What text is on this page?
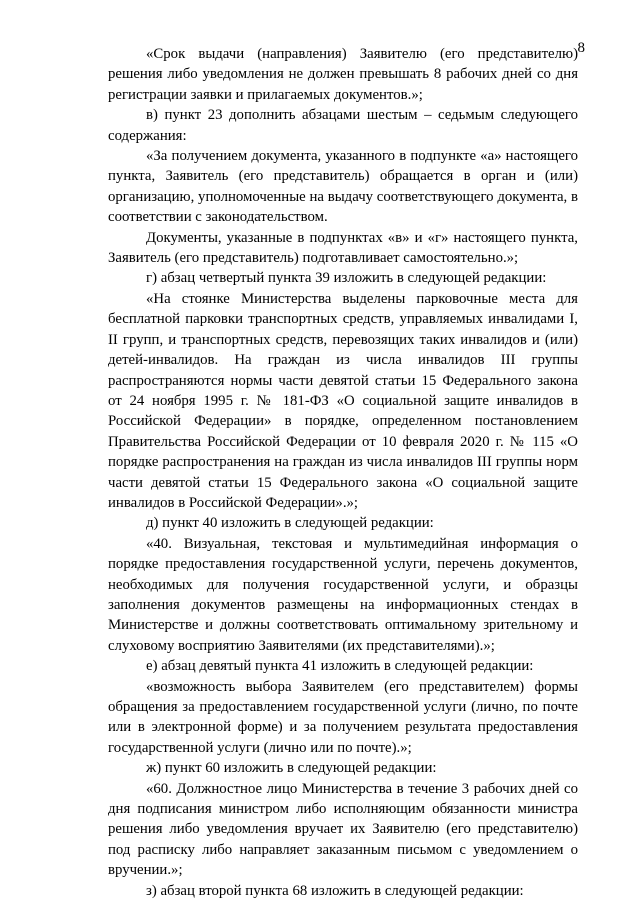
8

«Срок выдачи (направления) Заявителю (его представителю) решения либо уведомления не должен превышать 8 рабочих дней со дня регистрации заявки и прилагаемых документов.»;

в) пункт 23 дополнить абзацами шестым – седьмым следующего содержания:

«За получением документа, указанного в подпункте «а» настоящего пункта, Заявитель (его представитель) обращается в орган и (или) организацию, уполномоченные на выдачу соответствующего документа, в соответствии с законодательством.

Документы, указанные в подпунктах «в» и «г» настоящего пункта, Заявитель (его представитель) подготавливает самостоятельно.»;

г) абзац четвертый пункта 39 изложить в следующей редакции:

«На стоянке Министерства выделены парковочные места для бесплатной парковки транспортных средств, управляемых инвалидами I, II групп, и транспортных средств, перевозящих таких инвалидов и (или) детей-инвалидов. На граждан из числа инвалидов III группы распространяются нормы части девятой статьи 15 Федерального закона от 24 ноября 1995 г. № 181-ФЗ «О социальной защите инвалидов в Российской Федерации» в порядке, определенном постановлением Правительства Российской Федерации от 10 февраля 2020 г. № 115 «О порядке распространения на граждан из числа инвалидов III группы норм части девятой статьи 15 Федерального закона «О социальной защите инвалидов в Российской Федерации».»;

д) пункт 40 изложить в следующей редакции:

«40. Визуальная, текстовая и мультимедийная информация о порядке предоставления государственной услуги, перечень документов, необходимых для получения государственной услуги, и образцы заполнения документов размещены на информационных стендах в Министерстве и должны соответствовать оптимальному зрительному и слуховому восприятию Заявителями (их представителями).»;

е) абзац девятый пункта 41 изложить в следующей редакции:

«возможность выбора Заявителем (его представителем) формы обращения за предоставлением государственной услуги (лично, по почте или в электронной форме) и за получением результата предоставления государственной услуги (лично или по почте).»;

ж) пункт 60 изложить в следующей редакции:

«60. Должностное лицо Министерства в течение 3 рабочих дней со дня подписания министром либо исполняющим обязанности министра решения либо уведомления вручает их Заявителю (его представителю) под расписку либо направляет заказанным письмом с уведомлением о вручении.»;

з) абзац второй пункта 68 изложить в следующей редакции:
